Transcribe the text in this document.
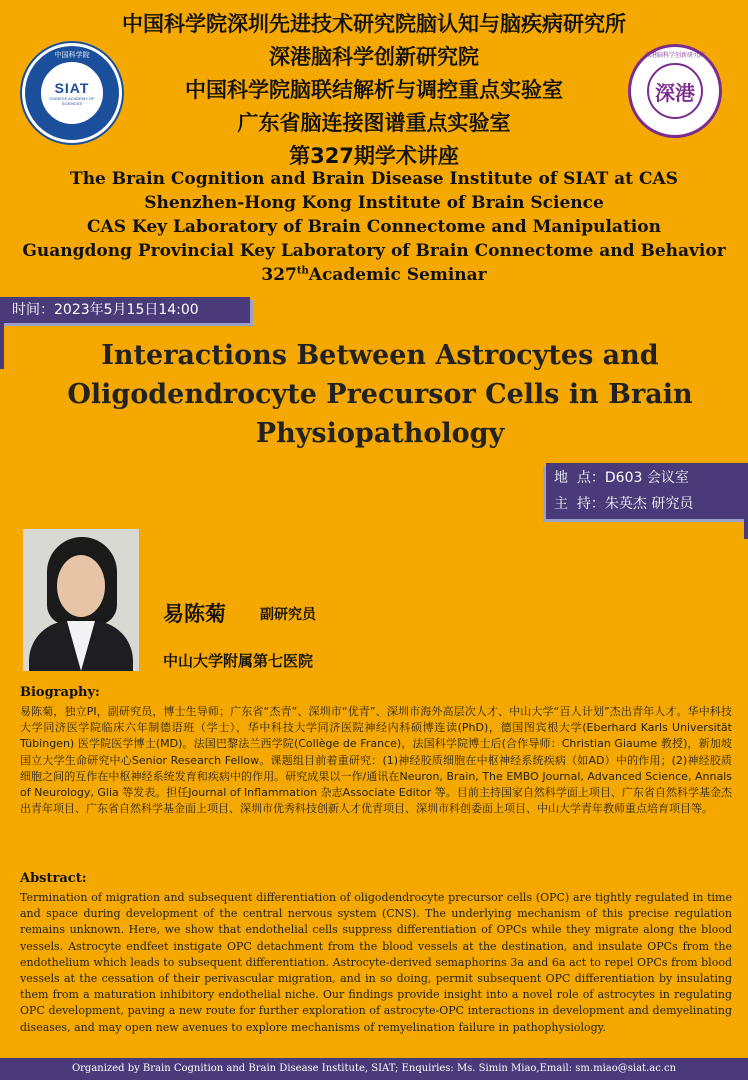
中国科学院
SIAT
CHINESE ACADEMY OF SCIENCES
深港脑科学创新研究院
深港
中国科学院深圳先进技术研究院脑认知与脑疾病研究所
深港脑科学创新研究院
中国科学院脑联结解析与调控重点实验室
广东省脑连接图谱重点实验室
第327期学术讲座
The Brain Cognition and Brain Disease Institute of SIAT at CAS
Shenzhen-Hong Kong Institute of Brain Science
CAS Key Laboratory of Brain Connectome and Manipulation
Guangdong Provincial Key Laboratory of Brain Connectome and Behavior
327thAcademic Seminar
时间：2023年5月15日14:00
Interactions Between Astrocytes and Oligodendrocyte Precursor Cells in Brain Physiopathology
地  点：D603 会议室
主  持：朱英杰 研究员
易陈菊 副研究员
中山大学附属第七医院
Biography:
易陈菊，独立PI，副研究员，博士生导师；广东省“杰青”、深圳市“优青”、深圳市海外高层次人才、中山大学“百人计划”杰出青年人才。华中科技大学同济医学院临床六年制德语班（学士），华中科技大学同济医院神经内科硕博连读(PhD)，德国图宾根大学(Eberhard Karls Universität Tübingen) 医学院医学博士(MD)。法国巴黎法兰西学院(Collège de France)，法国科学院博士后(合作导师：Christian Giaume 教授)，新加坡国立大学生命研究中心Senior Research Fellow。课题组目前着重研究：(1)神经胶质细胞在中枢神经系统疾病（如AD）中的作用；(2)神经胶质细胞之间的互作在中枢神经系统发育和疾病中的作用。研究成果以一作/通讯在Neuron, Brain, The EMBO Journal, Advanced Science, Annals of Neurology, Glia 等发表。担任Journal of Inflammation 杂志Associate Editor 等。目前主持国家自然科学面上项目、广东省自然科学基金杰出青年项目、广东省自然科学基金面上项目、深圳市优秀科技创新人才优青项目、深圳市科创委面上项目、中山大学青年教师重点培育项目等。
Abstract:
Termination of migration and subsequent differentiation of oligodendrocyte precursor cells (OPC) are tightly regulated in time and space during development of the central nervous system (CNS). The underlying mechanism of this precise regulation remains unknown. Here, we show that endothelial cells suppress differentiation of OPCs while they migrate along the blood vessels. Astrocyte endfeet instigate OPC detachment from the blood vessels at the destination, and insulate OPCs from the endothelium which leads to subsequent differentiation. Astrocyte-derived semaphorins 3a and 6a act to repel OPCs from blood vessels at the cessation of their perivascular migration, and in so doing, permit subsequent OPC differentiation by insulating them from a maturation inhibitory endothelial niche. Our findings provide insight into a novel role of astrocytes in regulating OPC development, paving a new route for further exploration of astrocyte-OPC interactions in development and demyelinating diseases, and may open new avenues to explore mechanisms of remyelination failure in pathophysiology.
Organized by Brain Cognition and Brain Disease Institute, SIAT; Enquiries: Ms. Simin Miao,Email: sm.miao@siat.ac.cn
